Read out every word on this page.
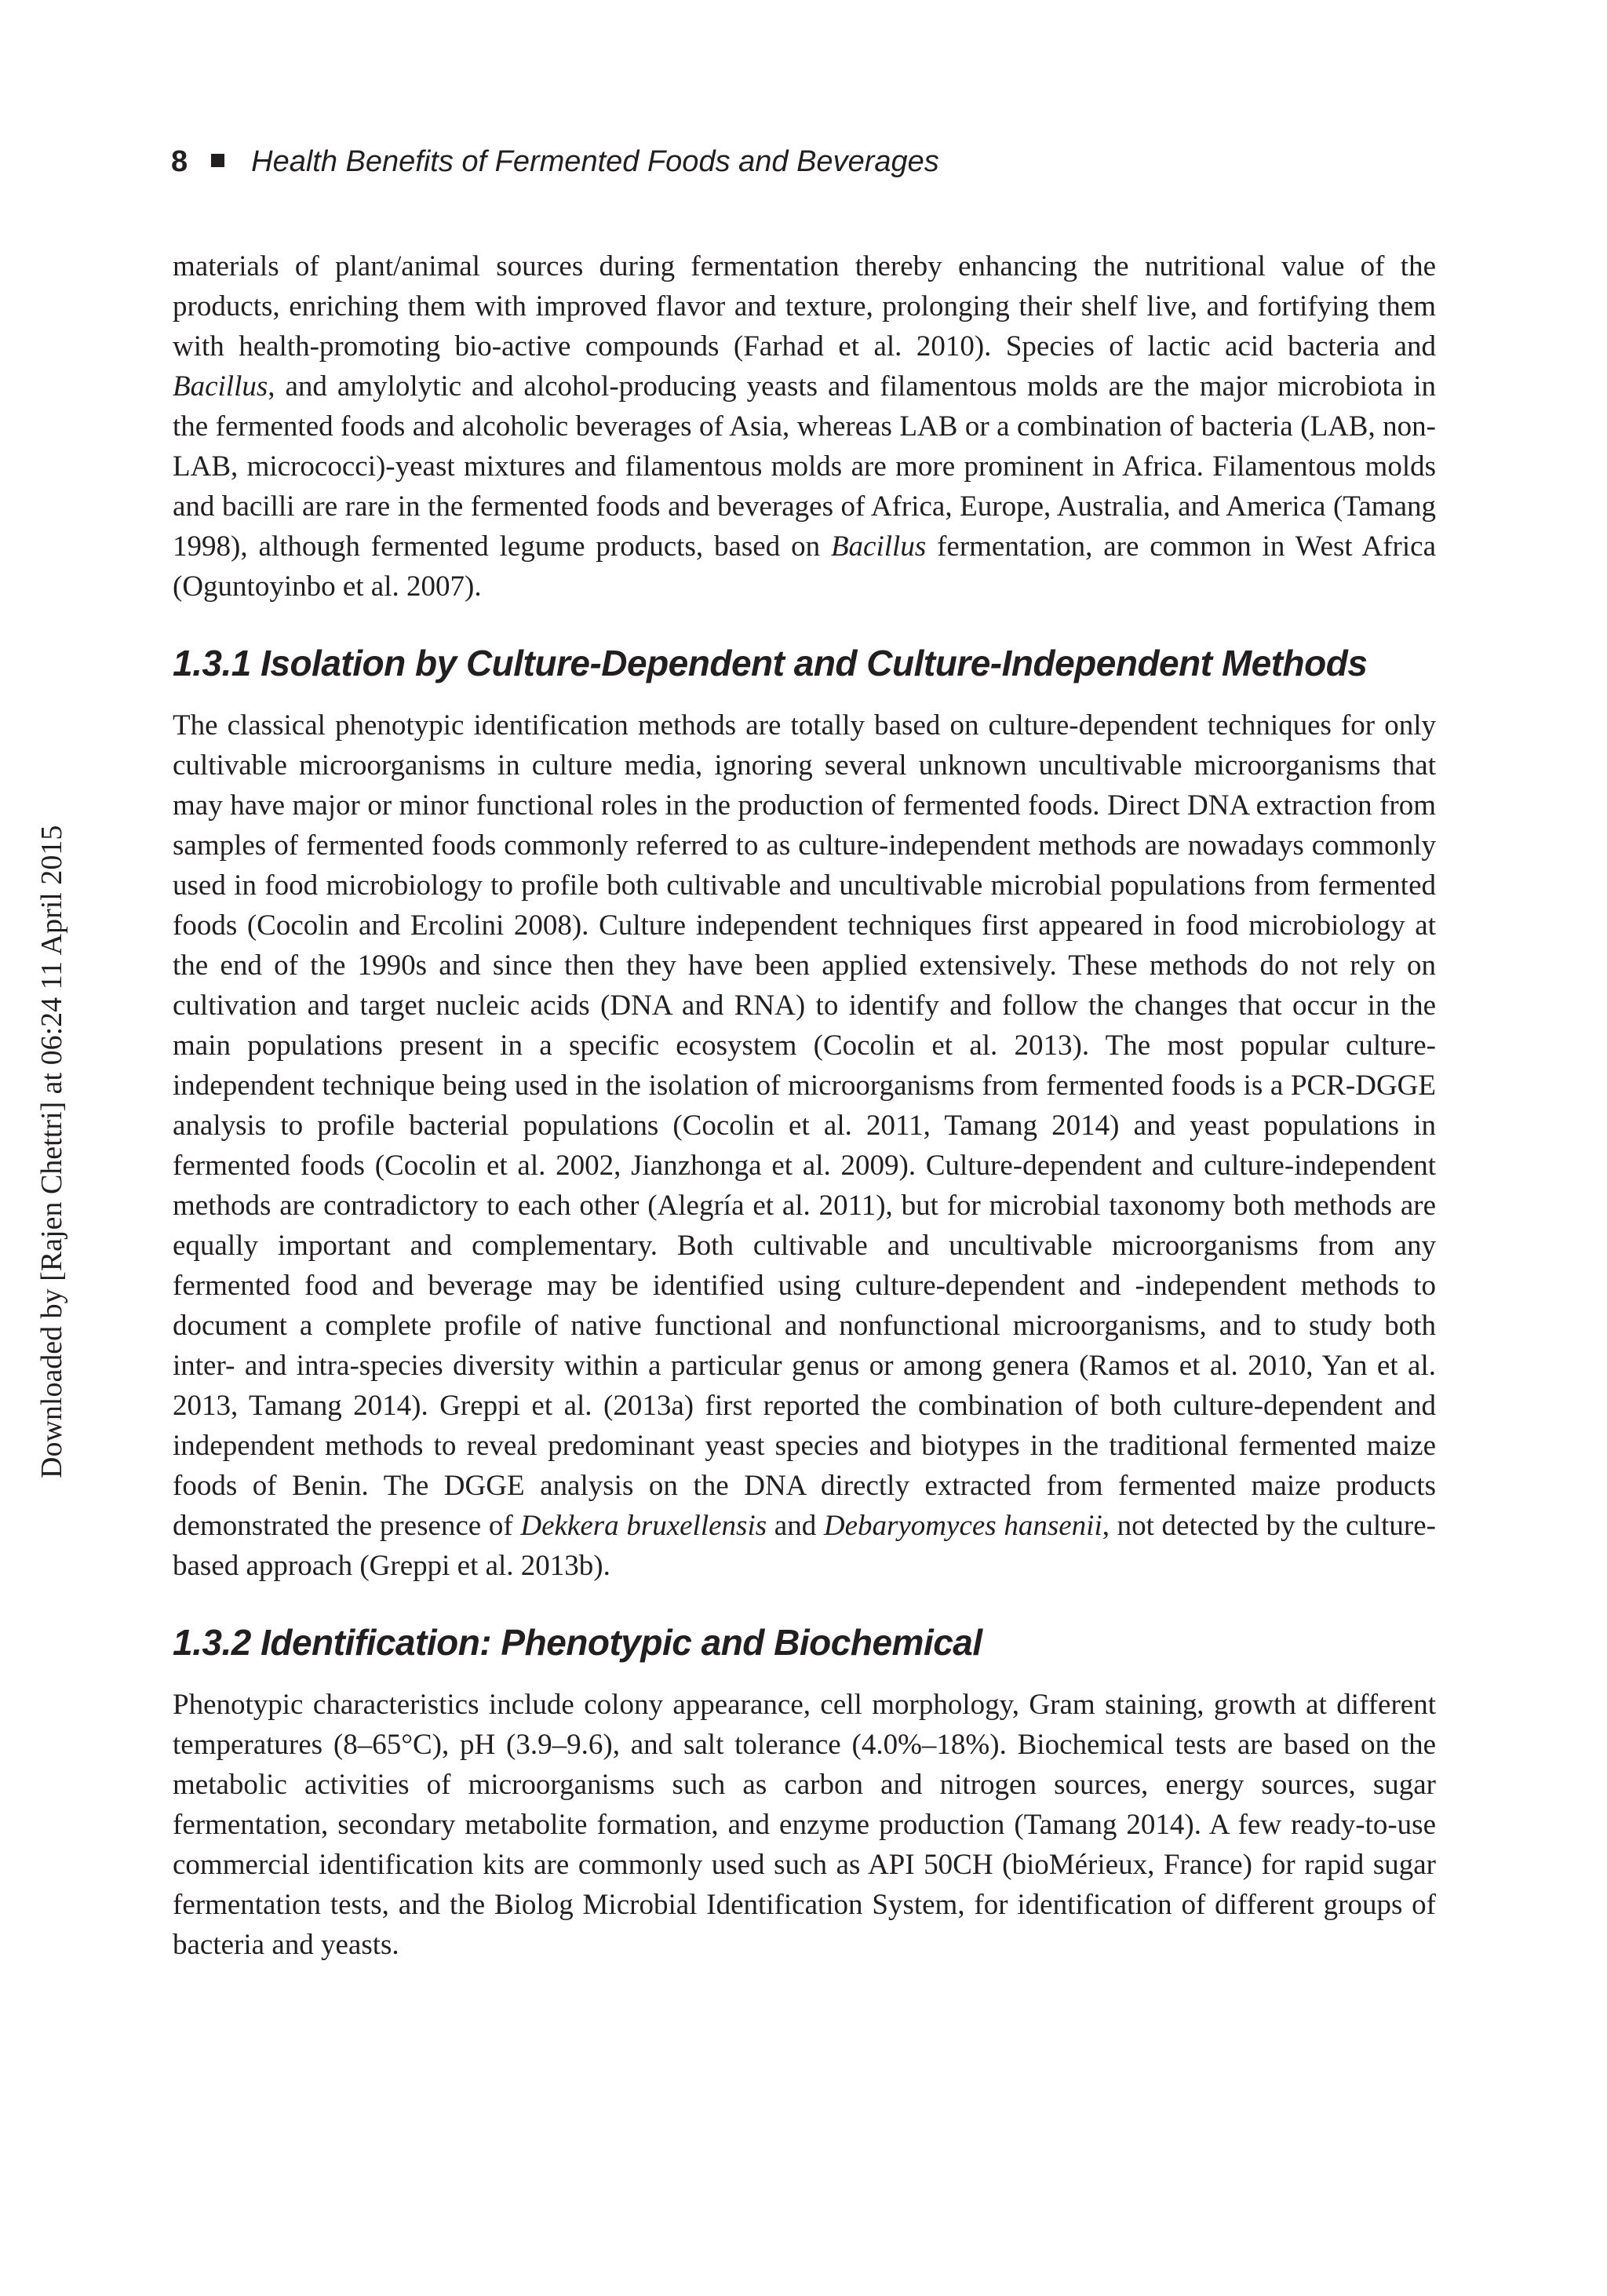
8 Health Benefits of Fermented Foods and Beverages
Downloaded by [Rajen Chettri] at 06:24 11 April 2015

materials of plant/animal sources during fermentation thereby enhancing the nutritional value of the products, enriching them with improved flavor and texture, prolonging their shelf live, and fortifying them with health-promoting bio-active compounds (Farhad et al. 2010). Species of lactic acid bacteria and Bacillus, and amylolytic and alcohol-producing yeasts and filamentous molds are the major microbiota in the fermented foods and alcoholic beverages of Asia, whereas LAB or a combination of bacteria (LAB, non-LAB, micrococci)-yeast mixtures and filamentous molds are more prominent in Africa. Filamentous molds and bacilli are rare in the fermented foods and beverages of Africa, Europe, Australia, and America (Tamang 1998), although fermented legume products, based on Bacillus fermentation, are common in West Africa (Oguntoyinbo et al. 2007).

1.3.1 Isolation by Culture-Dependent and Culture-Independent Methods

The classical phenotypic identification methods are totally based on culture-dependent techniques for only cultivable microorganisms in culture media, ignoring several unknown uncultivable microorganisms that may have major or minor functional roles in the production of fermented foods. Direct DNA extraction from samples of fermented foods commonly referred to as culture-independent methods are nowadays commonly used in food microbiology to profile both cultivable and uncultivable microbial populations from fermented foods (Cocolin and Ercolini 2008). Culture independent techniques first appeared in food microbiology at the end of the 1990s and since then they have been applied extensively. These methods do not rely on cultivation and target nucleic acids (DNA and RNA) to identify and follow the changes that occur in the main populations present in a specific ecosystem (Cocolin et al. 2013). The most popular culture-independent technique being used in the isolation of microorganisms from fermented foods is a PCR-DGGE analysis to profile bacterial populations (Cocolin et al. 2011, Tamang 2014) and yeast populations in fermented foods (Cocolin et al. 2002, Jianzhonga et al. 2009). Culture-dependent and culture-independent methods are contradictory to each other (Alegría et al. 2011), but for microbial taxonomy both methods are equally important and complementary. Both cultivable and uncultivable microorganisms from any fermented food and beverage may be identified using culture-dependent and -independent methods to document a complete profile of native functional and nonfunctional microorganisms, and to study both inter- and intra-species diversity within a particular genus or among genera (Ramos et al. 2010, Yan et al. 2013, Tamang 2014). Greppi et al. (2013a) first reported the combination of both culture-dependent and independent methods to reveal predominant yeast species and biotypes in the traditional fermented maize foods of Benin. The DGGE analysis on the DNA directly extracted from fermented maize products demonstrated the presence of Dekkera bruxellensis and Debaryomyces hansenii, not detected by the culture-based approach (Greppi et al. 2013b).

1.3.2 Identification: Phenotypic and Biochemical

Phenotypic characteristics include colony appearance, cell morphology, Gram staining, growth at different temperatures (8–65°C), pH (3.9–9.6), and salt tolerance (4.0%–18%). Biochemical tests are based on the metabolic activities of microorganisms such as carbon and nitrogen sources, energy sources, sugar fermentation, secondary metabolite formation, and enzyme production (Tamang 2014). A few ready-to-use commercial identification kits are commonly used such as API 50CH (bioMérieux, France) for rapid sugar fermentation tests, and the Biolog Microbial Identification System, for identification of different groups of bacteria and yeasts.
